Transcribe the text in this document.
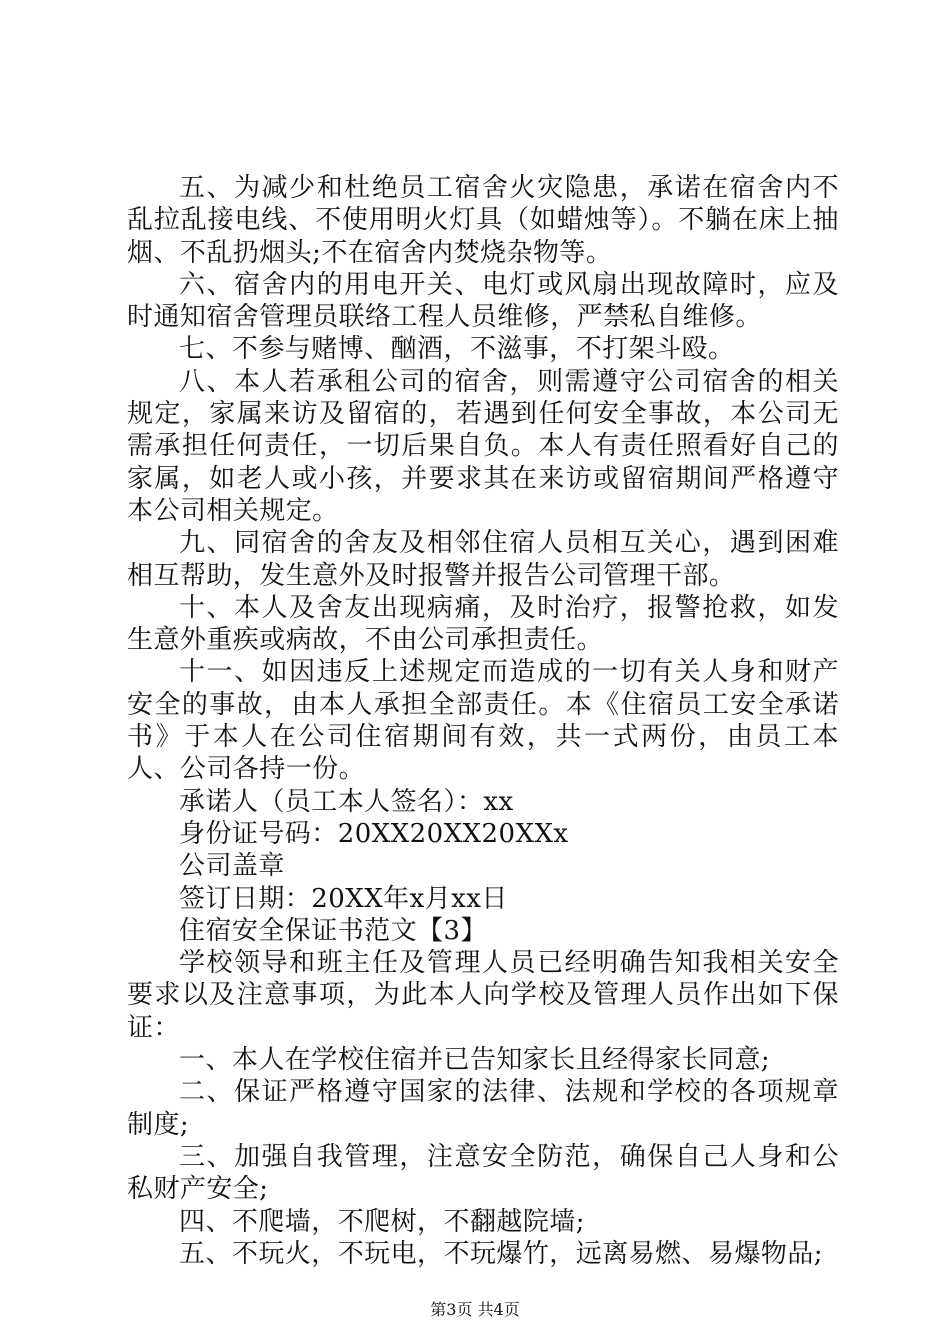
五、为减少和杜绝员工宿舍火灾隐患，承诺在宿舍内不乱拉乱接电线、不使用明火灯具（如蜡烛等）。不躺在床上抽烟、不乱扔烟头;不在宿舍内焚烧杂物等。

六、宿舍内的用电开关、电灯或风扇出现故障时，应及时通知宿舍管理员联络工程人员维修，严禁私自维修。

七、不参与赌博、酗酒，不滋事，不打架斗殴。

八、本人若承租公司的宿舍，则需遵守公司宿舍的相关规定，家属来访及留宿的，若遇到任何安全事故，本公司无需承担任何责任，一切后果自负。本人有责任照看好自己的家属，如老人或小孩，并要求其在来访或留宿期间严格遵守本公司相关规定。

九、同宿舍的舍友及相邻住宿人员相互关心，遇到困难相互帮助，发生意外及时报警并报告公司管理干部。

十、本人及舍友出现病痛，及时治疗，报警抢救，如发生意外重疾或病故，不由公司承担责任。

十一、如因违反上述规定而造成的一切有关人身和财产安全的事故，由本人承担全部责任。本《住宿员工安全承诺书》于本人在公司住宿期间有效，共一式两份，由员工本人、公司各持一份。

承诺人（员工本人签名）：xx

身份证号码：20XX20XX20XXx

公司盖章

签订日期：20XX年x月xx日

住宿安全保证书范文【3】

学校领导和班主任及管理人员已经明确告知我相关安全要求以及注意事项，为此本人向学校及管理人员作出如下保证：

一、本人在学校住宿并已告知家长且经得家长同意;

二、保证严格遵守国家的法律、法规和学校的各项规章制度;

三、加强自我管理，注意安全防范，确保自己人身和公私财产安全;

四、不爬墙，不爬树，不翻越院墙;

五、不玩火，不玩电，不玩爆竹，远离易燃、易爆物品;

第3页 共4页
